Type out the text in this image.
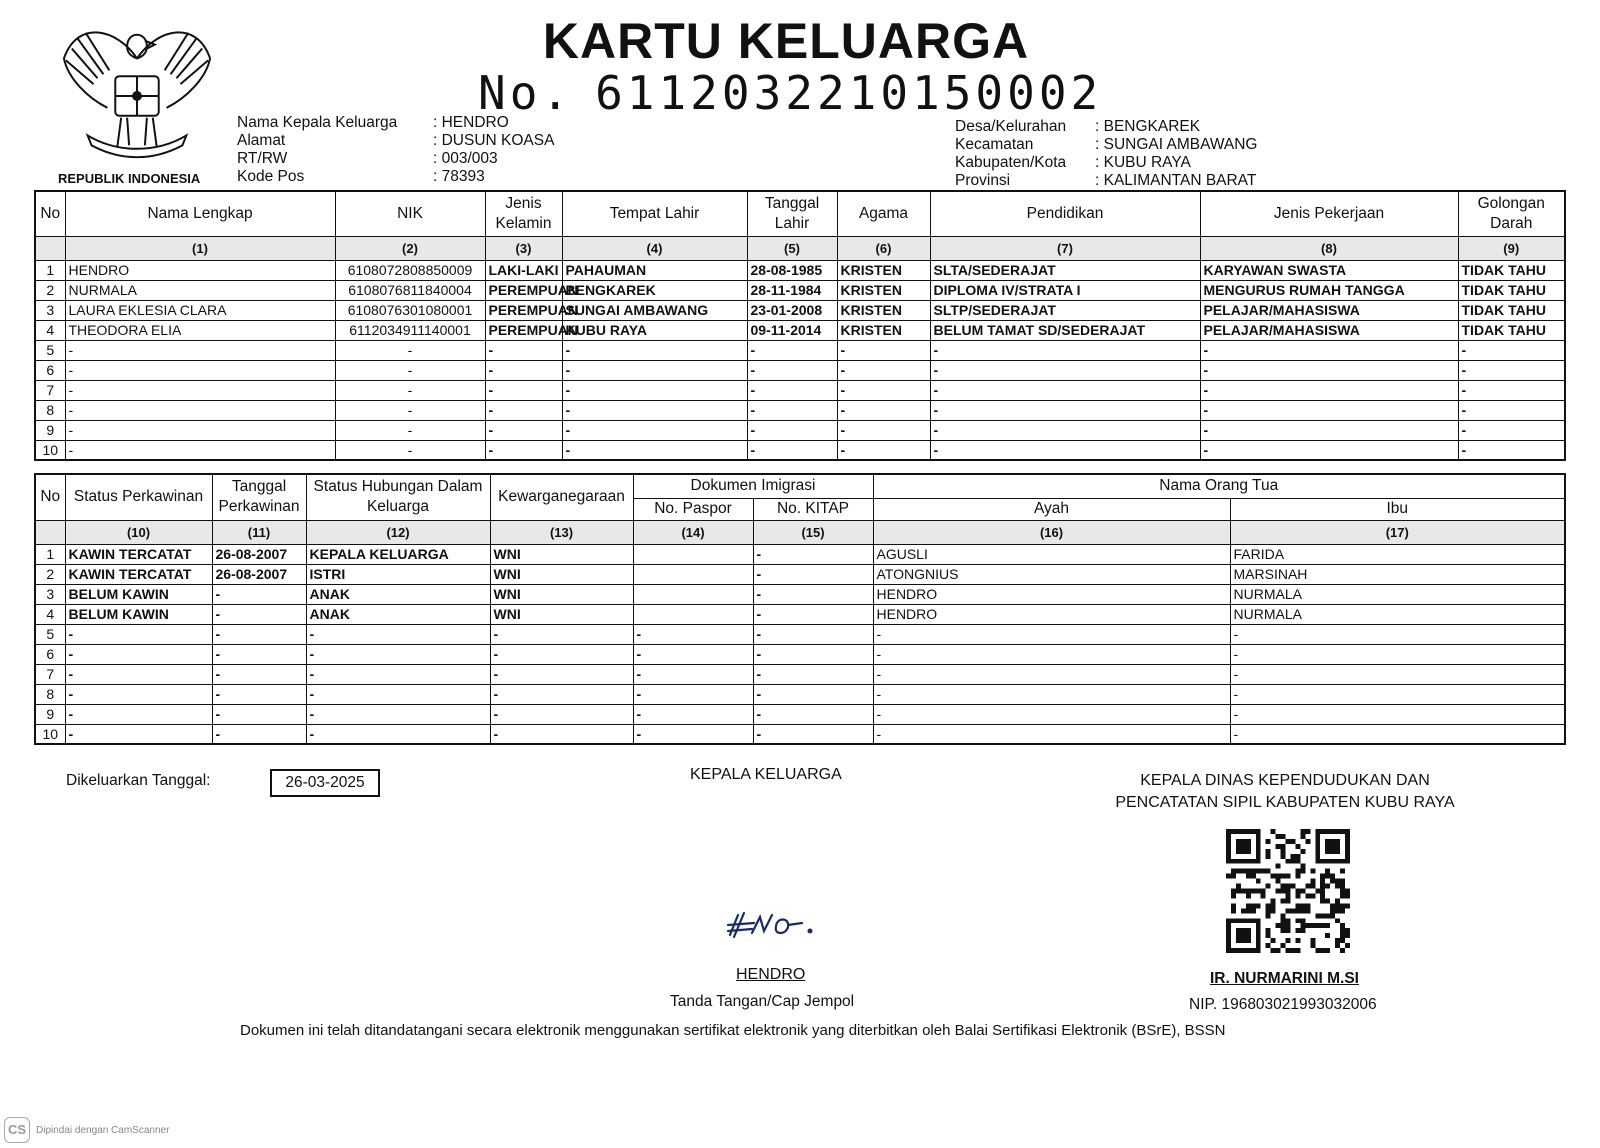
REPUBLIK INDONESIA
KARTU KELUARGA
No. 6112032210150002
Nama Kepala Keluarga	: HENDRO
Alamat	: DUSUN KOASA
RT/RW	: 003/003
Kode Pos	: 78393
Desa/Kelurahan	: BENGKAREK
Kecamatan	: SUNGAI AMBAWANG
Kabupaten/Kota	: KUBU RAYA
Provinsi	: KALIMANTAN BARAT
No	Nama Lengkap	NIK	Jenis Kelamin	Tempat Lahir	Tanggal Lahir	Agama	Pendidikan	Jenis Pekerjaan	Golongan Darah
	(1)	(2)	(3)	(4)	(5)	(6)	(7)	(8)	(9)
1	HENDRO	6108072808850009	LAKI-LAKI	PAHAUMAN	28-08-1985	KRISTEN	SLTA/SEDERAJAT	KARYAWAN SWASTA	TIDAK TAHU
2	NURMALA	6108076811840004	PEREMPUAN	BENGKAREK	28-11-1984	KRISTEN	DIPLOMA IV/STRATA I	MENGURUS RUMAH TANGGA	TIDAK TAHU
3	LAURA EKLESIA CLARA	6108076301080001	PEREMPUAN	SUNGAI AMBAWANG	23-01-2008	KRISTEN	SLTP/SEDERAJAT	PELAJAR/MAHASISWA	TIDAK TAHU
4	THEODORA ELIA	6112034911140001	PEREMPUAN	KUBU RAYA	09-11-2014	KRISTEN	BELUM TAMAT SD/SEDERAJAT	PELAJAR/MAHASISWA	TIDAK TAHU
5	-	-	-	-	-	-	-	-	-
6	-	-	-	-	-	-	-	-	-
7	-	-	-	-	-	-	-	-	-
8	-	-	-	-	-	-	-	-	-
9	-	-	-	-	-	-	-	-	-
10	-	-	-	-	-	-	-	-	-
No	Status Perkawinan	Tanggal Perkawinan	Status Hubungan Dalam Keluarga	Kewarganegaraan	Dokumen Imigrasi		Nama Orang Tua	
					No. Paspor	No. KITAP	Ayah	Ibu
	(10)	(11)	(12)	(13)	(14)	(15)	(16)	(17)
1	KAWIN TERCATAT	26-08-2007	KEPALA KELUARGA	WNI		-	AGUSLI	FARIDA
2	KAWIN TERCATAT	26-08-2007	ISTRI	WNI		-	ATONGNIUS	MARSINAH
3	BELUM KAWIN	-	ANAK	WNI		-	HENDRO	NURMALA
4	BELUM KAWIN	-	ANAK	WNI		-	HENDRO	NURMALA
5	-	-	-	-	-	-	-	-
6	-	-	-	-	-	-	-	-
7	-	-	-	-	-	-	-	-
8	-	-	-	-	-	-	-	-
9	-	-	-	-	-	-	-	-
10	-	-	-	-	-	-	-	-
Dikeluarkan Tanggal:	26-03-2025	KEPALA KELUARGA	KEPALA DINAS KEPENDUDUKAN DAN
PENCATATAN SIPIL KABUPATEN KUBU RAYA
HENDRO
Tanda Tangan/Cap Jempol
IR. NURMARINI M.SI
NIP. 196803021993032006
Dokumen ini telah ditandatangani secara elektronik menggunakan sertifikat elektronik yang diterbitkan oleh Balai Sertifikasi Elektronik (BSrE), BSSN
CS Dipindai dengan CamScanner
